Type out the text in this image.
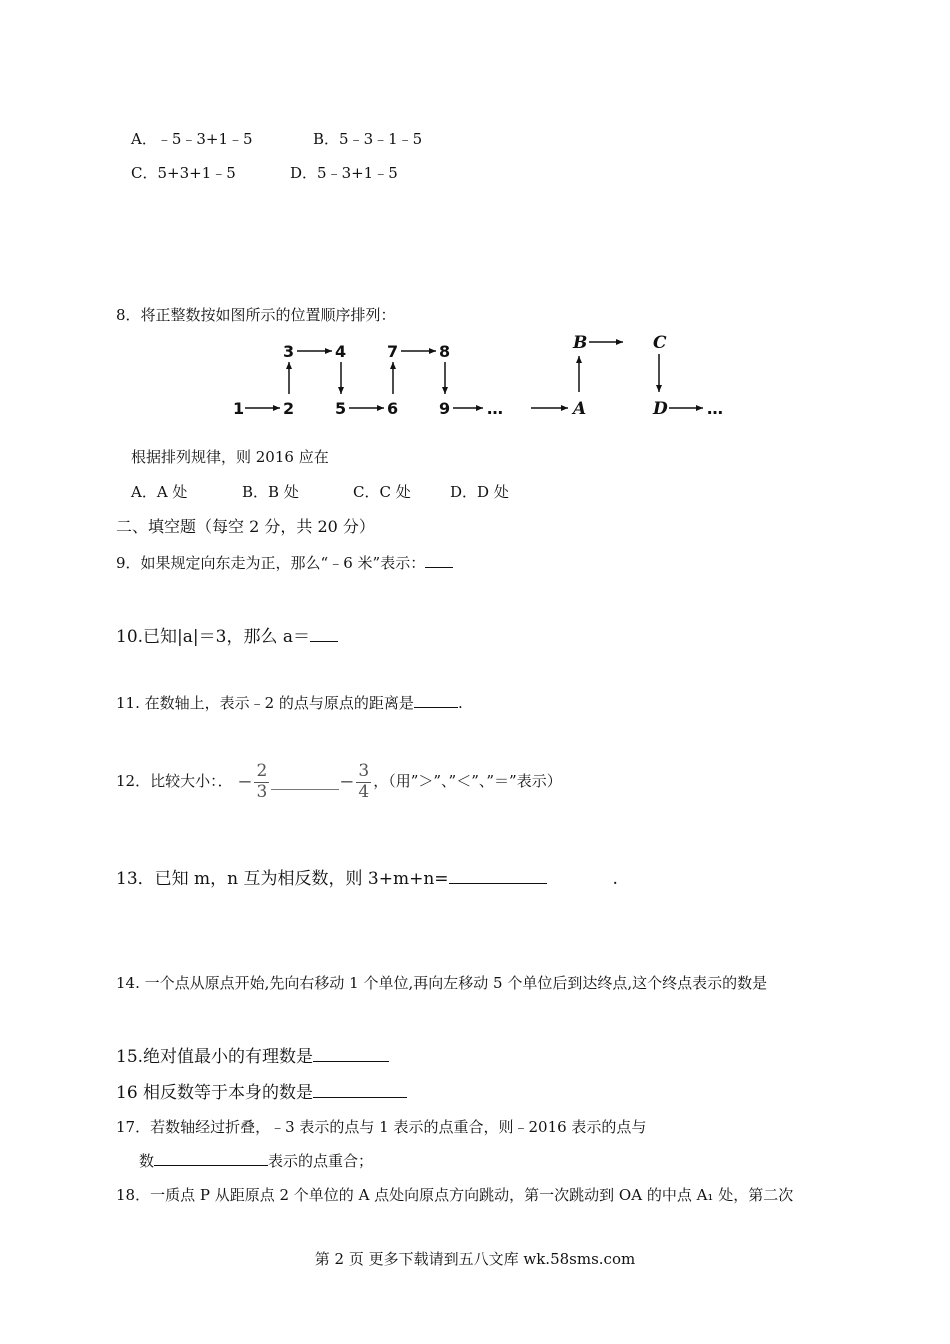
A．﹣5﹣3+1﹣5	B．5﹣3﹣1﹣5
C．5+3+1﹣5	D．5﹣3+1﹣5
8．将正整数按如图所示的位置顺序排列：
1 2	5	6	9 …	A	D …
3	4	7	8	B	C
根据排列规律，则 2016 应在
A．A 处	B．B 处	C．C 处	D．D 处
二、填空题（每空 2 分，共 20 分）
9．如果规定向东走为正，那么“﹣6 米”表示：
10.已知|a|＝3，那么 a＝
11. 在数轴上，表示﹣2 的点与原点的距离是	.
12．比较大小：． − $\frac{2}{3}$	− $\frac{3}{4}$ ，（用”＞”、”＜”、”＝”表示）
13．已知 m，n 互为相反数，则 3+m+n=	.
14. 一个点从原点开始,先向右移动 1 个单位,再向左移动 5 个单位后到达终点,这个终点表示的数是
15.绝对值最小的有理数是
16 相反数等于本身的数是
17．若数轴经过折叠，﹣3 表示的点与 1 表示的点重合，则﹣2016 表示的点与
数	表示的点重合；
18．一质点 P 从距原点 2 个单位的 A 点处向原点方向跳动，第一次跳动到 OA 的中点 A₁ 处，第二次
第 2 页 更多下载请到五八文库 wk.58sms.com
